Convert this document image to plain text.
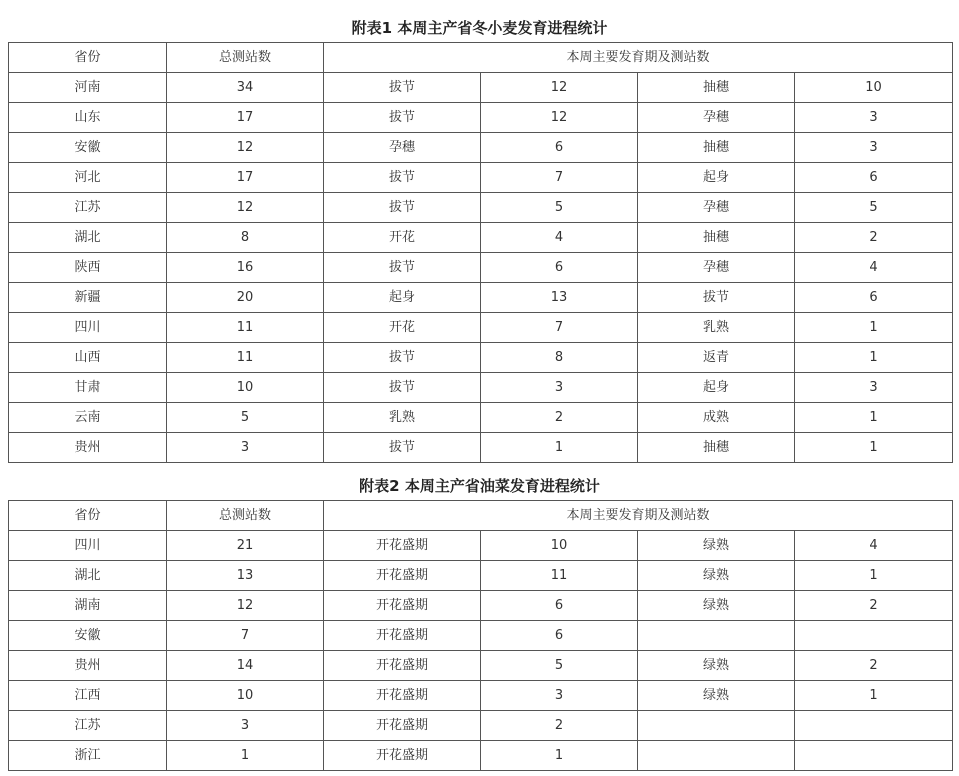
附表1 本周主产省冬小麦发育进程统计
省份	总测站数	本周主要发育期及测站数			
河南	34	拔节	12	抽穗	10
山东	17	拔节	12	孕穗	3
安徽	12	孕穗	6	抽穗	3
河北	17	拔节	7	起身	6
江苏	12	拔节	5	孕穗	5
湖北	8	开花	4	抽穗	2
陕西	16	拔节	6	孕穗	4
新疆	20	起身	13	拔节	6
四川	11	开花	7	乳熟	1
山西	11	拔节	8	返青	1
甘肃	10	拔节	3	起身	3
云南	5	乳熟	2	成熟	1
贵州	3	拔节	1	抽穗	1
附表2 本周主产省油菜发育进程统计
省份	总测站数	本周主要发育期及测站数			
四川	21	开花盛期	10	绿熟	4
湖北	13	开花盛期	11	绿熟	1
湖南	12	开花盛期	6	绿熟	2
安徽	7	开花盛期	6		
贵州	14	开花盛期	5	绿熟	2
江西	10	开花盛期	3	绿熟	1
江苏	3	开花盛期	2		
浙江	1	开花盛期	1		
